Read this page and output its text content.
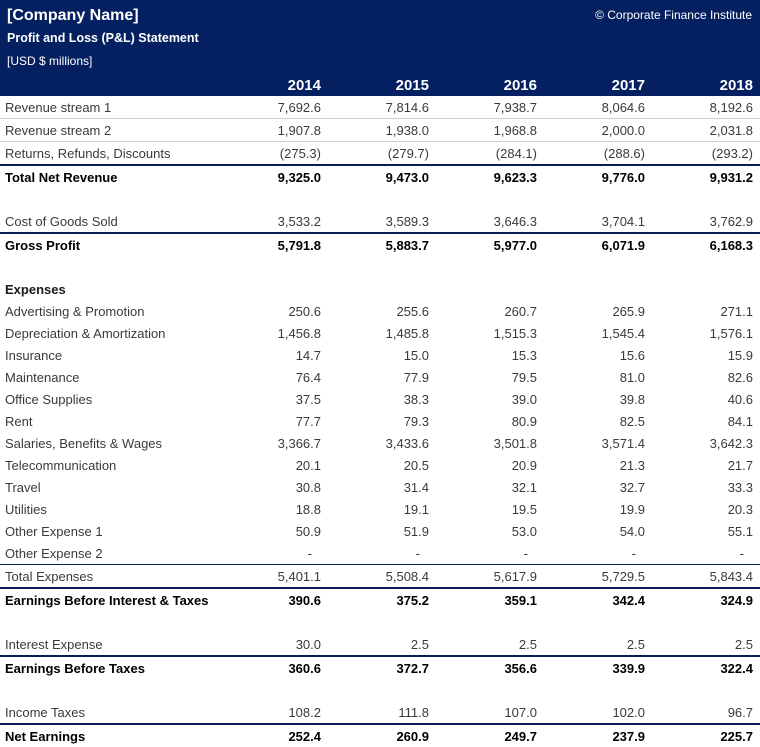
[Company Name]	© Corporate Finance Institute
Profit and Loss (P&L) Statement
[USD $ millions]
	2014	2015	2016	2017	2018
Revenue stream 1	7,692.6	7,814.6	7,938.7	8,064.6	8,192.6
Revenue stream 2	1,907.8	1,938.0	1,968.8	2,000.0	2,031.8
Returns, Refunds, Discounts	(275.3)	(279.7)	(284.1)	(288.6)	(293.2)
Total Net Revenue	9,325.0	9,473.0	9,623.3	9,776.0	9,931.2

Cost of Goods Sold	3,533.2	3,589.3	3,646.3	3,704.1	3,762.9
Gross Profit	5,791.8	5,883.7	5,977.0	6,071.9	6,168.3

Expenses					
Advertising & Promotion	250.6	255.6	260.7	265.9	271.1
Depreciation & Amortization	1,456.8	1,485.8	1,515.3	1,545.4	1,576.1
Insurance	14.7	15.0	15.3	15.6	15.9
Maintenance	76.4	77.9	79.5	81.0	82.6
Office Supplies	37.5	38.3	39.0	39.8	40.6
Rent	77.7	79.3	80.9	82.5	84.1
Salaries, Benefits & Wages	3,366.7	3,433.6	3,501.8	3,571.4	3,642.3
Telecommunication	20.1	20.5	20.9	21.3	21.7
Travel	30.8	31.4	32.1	32.7	33.3
Utilities	18.8	19.1	19.5	19.9	20.3
Other Expense 1	50.9	51.9	53.0	54.0	55.1
Other Expense 2	-	-	-	-	-
Total Expenses	5,401.1	5,508.4	5,617.9	5,729.5	5,843.4
Earnings Before Interest & Taxes	390.6	375.2	359.1	342.4	324.9

Interest Expense	30.0	2.5	2.5	2.5	2.5
Earnings Before Taxes	360.6	372.7	356.6	339.9	322.4

Income Taxes	108.2	111.8	107.0	102.0	96.7
Net Earnings	252.4	260.9	249.7	237.9	225.7
